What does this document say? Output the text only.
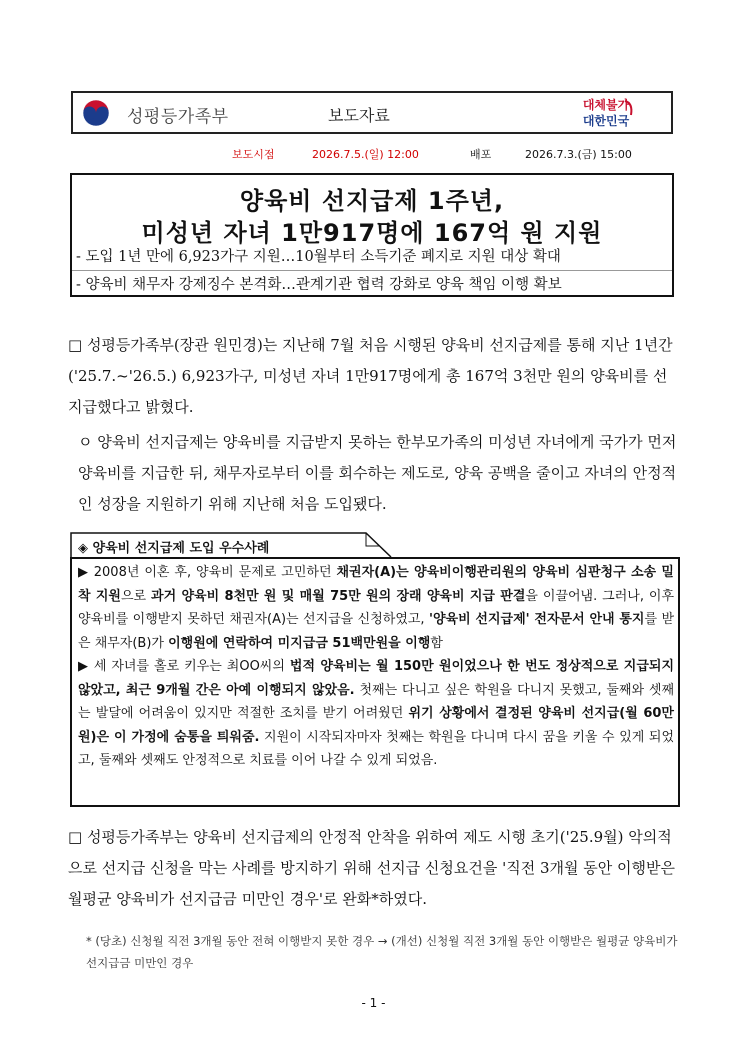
성평등가족부	보도자료
대체불가
대한민국
보도시점	2026.7.5.(일) 12:00	배포	2026.7.3.(금) 15:00
양육비 선지급제 1주년,
미성년 자녀 1만917명에 167억 원 지원
- 도입 1년 만에 6,923가구 지원…10월부터 소득기준 폐지로 지원 대상 확대
- 양육비 채무자 강제징수 본격화…관계기관 협력 강화로 양육 책임 이행 확보
□ 성평등가족부(장관 원민경)는 지난해 7월 처음 시행된 양육비 선지급제를 통해 지난 1년간('25.7.~'26.5.) 6,923가구, 미성년 자녀 1만917명에게 총 167억 3천만 원의 양육비를 선지급했다고 밝혔다.
ㅇ 양육비 선지급제는 양육비를 지급받지 못하는 한부모가족의 미성년 자녀에게 국가가 먼저 양육비를 지급한 뒤, 채무자로부터 이를 회수하는 제도로, 양육 공백을 줄이고 자녀의 안정적인 성장을 지원하기 위해 지난해 처음 도입됐다.
◈ 양육비 선지급제 도입 우수사례
▶ 2008년 이혼 후, 양육비 문제로 고민하던 채권자(A)는 양육비이행관리원의 양육비 심판청구 소송 밀착 지원으로 과거 양육비 8천만 원 및 매월 75만 원의 장래 양육비 지급 판결을 이끌어냄. 그러나, 이후 양육비를 이행받지 못하던 채권자(A)는 선지급을 신청하였고, '양육비 선지급제' 전자문서 안내 통지를 받은 채무자(B)가 이행원에 연락하여 미지급금 51백만원을 이행함
▶ 세 자녀를 홀로 키우는 최OO씨의 법적 양육비는 월 150만 원이었으나 한 번도 정상적으로 지급되지 않았고, 최근 9개월 간은 아예 이행되지 않았음. 첫째는 다니고 싶은 학원을 다니지 못했고, 둘째와 셋째는 발달에 어려움이 있지만 적절한 조치를 받기 어려웠던 위기 상황에서 결정된 양육비 선지급(월 60만 원)은 이 가정에 숨통을 틔워줌. 지원이 시작되자마자 첫째는 학원을 다니며 다시 꿈을 키울 수 있게 되었고, 둘째와 셋째도 안정적으로 치료를 이어 나갈 수 있게 되었음.
□ 성평등가족부는 양육비 선지급제의 안정적 안착을 위하여 제도 시행 초기('25.9월) 악의적으로 선지급 신청을 막는 사례를 방지하기 위해 선지급 신청요건을 '직전 3개월 동안 이행받은 월평균 양육비가 선지급금 미만인 경우'로 완화*하였다.
* (당초) 신청월 직전 3개월 동안 전혀 이행받지 못한 경우 → (개선) 신청월 직전 3개월 동안 이행받은 월평균 양육비가 선지급금 미만인 경우
- 1 -
